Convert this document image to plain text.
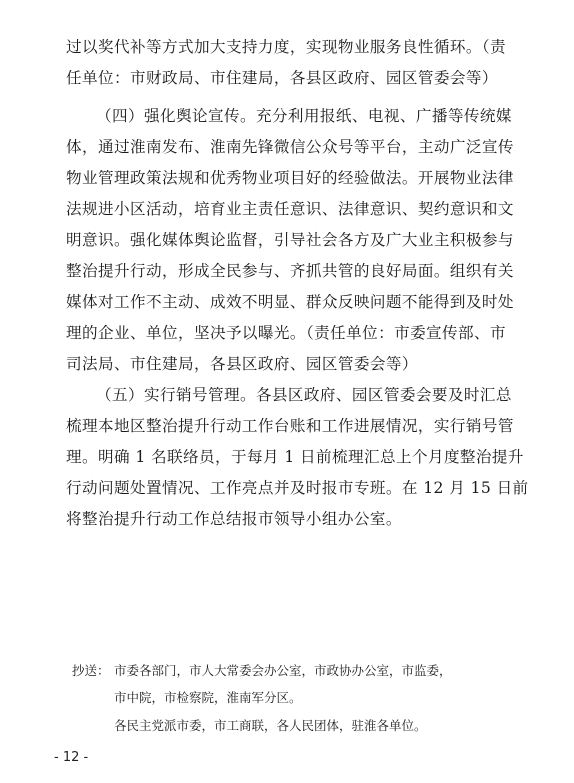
过以奖代补等方式加大支持力度，实现物业服务良性循环。（责
任单位：市财政局、市住建局，各县区政府、园区管委会等）
（四）强化舆论宣传。充分利用报纸、电视、广播等传统媒
体，通过淮南发布、淮南先锋微信公众号等平台，主动广泛宣传
物业管理政策法规和优秀物业项目好的经验做法。开展物业法律
法规进小区活动，培育业主责任意识、法律意识、契约意识和文
明意识。强化媒体舆论监督，引导社会各方及广大业主积极参与
整治提升行动，形成全民参与、齐抓共管的良好局面。组织有关
媒体对工作不主动、成效不明显、群众反映问题不能得到及时处
理的企业、单位，坚决予以曝光。（责任单位：市委宣传部、市
司法局、市住建局，各县区政府、园区管委会等）
（五）实行销号管理。各县区政府、园区管委会要及时汇总
梳理本地区整治提升行动工作台账和工作进展情况，实行销号管
理。明确 1 名联络员，于每月 1 日前梳理汇总上个月度整治提升
行动问题处置情况、工作亮点并及时报市专班。在 12 月 15 日前
将整治提升行动工作总结报市领导小组办公室。
抄送： 市委各部门，市人大常委会办公室，市政协办公室，市监委，
市中院，市检察院，淮南军分区。
各民主党派市委，市工商联，各人民团体，驻淮各单位。
- 12 -
